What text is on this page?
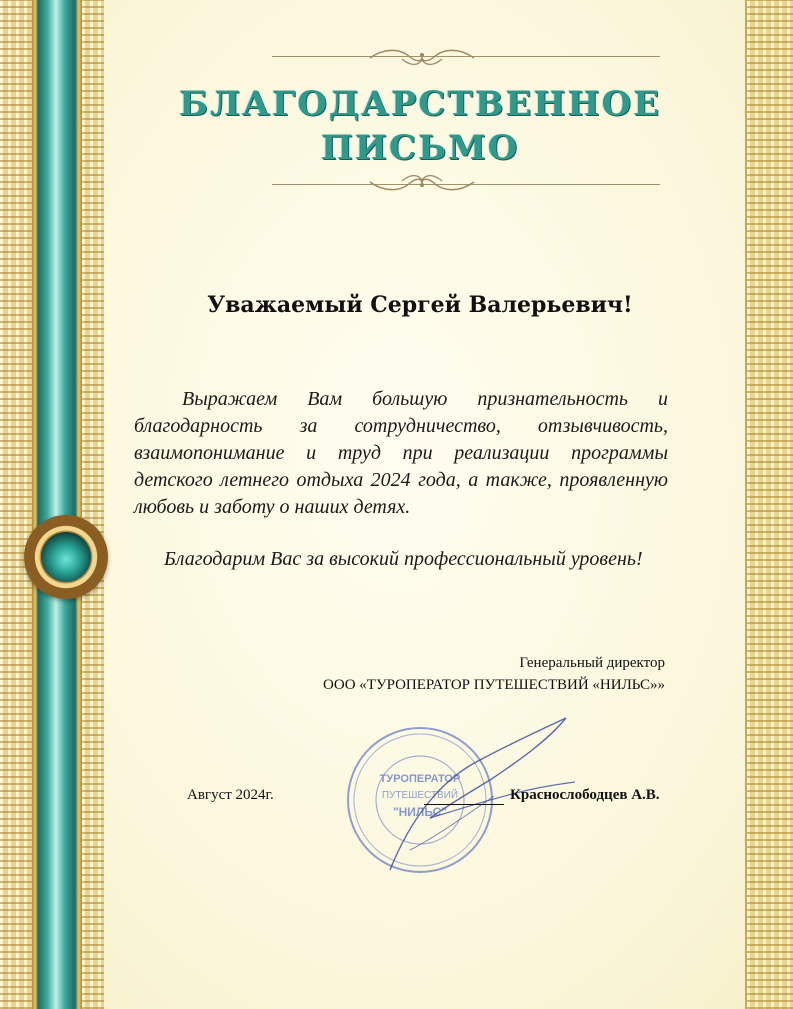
БЛАГОДАРСТВЕННОЕ
ПИСЬМО
Уважаемый Сергей Валерьевич!
Выражаем Вам большую признательность и благодарность за сотрудничество, отзывчивость, взаимопонимание и труд при реализации программы детского летнего отдыха 2024 года, а также, проявленную любовь и заботу о наших детях.
Благодарим Вас за высокий профессиональный уровень!
Генеральный директор
ООО «ТУРОПЕРАТОР ПУТЕШЕСТВИЙ «НИЛЬС»»
ТУРОПЕРАТОР
ПУТЕШЕСТВИЙ
"НИЛЬС"
Август 2024г.	Краснослободцев А.В.
